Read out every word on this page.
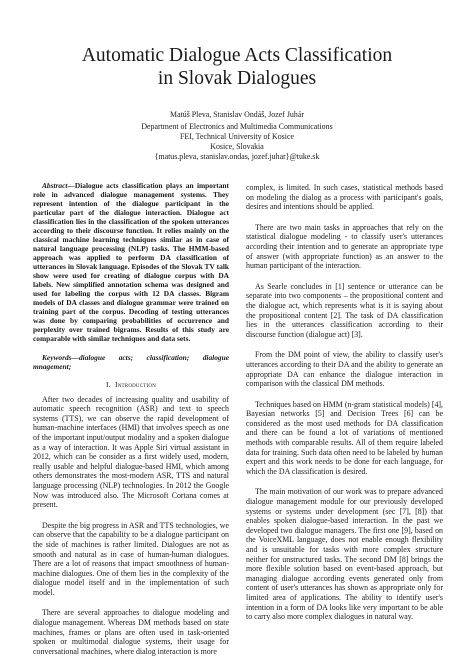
Automatic Dialogue Acts Classification
in Slovak Dialogues
Matúš Pleva, Stanislav Ondáš, Jozef Juhár
Department of Electronics and Multimedia Communications
FEI, Technical University of Kosice
Kosice, Slovakia
{matus.pleva, stanislav.ondas, jozef.juhar}@tuke.sk

Abstract—Dialogue acts classification plays an important role in advanced dialogue management systems. They represent intention of the dialogue participant in the particular part of the dialogue interaction. Dialogue act classification lies in the classification of the spoken utterances according to their discourse function. It relies mainly on the classical machine learning techniques similar as in case of natural language processing (NLP) tasks. The HMM-based approach was applied to perform DA classification of utterances in Slovak language. Episodes of the Slovak TV talk show were used for creating of dialogue corpus with DA labels. New simplified annotation schema was designed and used for labeling the corpus with 12 DA classes. Bigram models of DA classes and dialogue grammar were trained on training part of the corpus. Decoding of testing utterances was done by comparing probabilities of occurrence and perplexity over trained bigrams. Results of this study are comparable with similar techniques and data sets.

Keywords—dialogue acts; classification; dialogue mnagement;

I. Introduction

After two decades of increasing quality and usability of automatic speech recognition (ASR) and text to speech systems (TTS), we can observe the rapid development of human-machine interfaces (HMI) that involves speech as one of the important input/output modality and a spoken dialogue as a way of interaction. It was Apple Siri virtual assistant in 2012, which can be consider as a first widely used, modern, really usable and helpful dialogue-based HMI, which among others demonstrates the most-modern ASR, TTS and natural language processing (NLP) technologies. In 2012 the Google Now was introduced also. The Microsoft Cortana comes at present.

Despite the big progress in ASR and TTS technologies, we can observe that the capability to be a dialogue participant on the side of machines is rather limited. Dialogues are not as smooth and natural as in case of human-human dialogues. There are a lot of reasons that impact smoothness of human-machine dialogues. One of them lies in the complexity of the dialogue model itself and in the implementation of such model.

There are several approaches to dialogue modeling and dialogue management. Whereas DM methods based on state machines, frames or plans are often used in task-oriented spoken or multimodal dialogue systems, their usage for conversational machines, where dialog interaction is more

complex, is limited. In such cases, statistical methods based on modeling the dialog as a process with participant's goals, desires and intentions should be applied.

There are two main tasks in approaches that rely on the statistical dialogue modeling - to classify user's utterances according their intention and to generate an appropriate type of answer (with appropriate function) as an answer to the human participant of the interaction.

As Searle concludes in [1] sentence or utterance can be separate into two components – the propositional content and the dialogue act, which represents what is it is saying about the propositional content [2]. The task of DA classification lies in the utterances classification according to their discourse function (dialogue act) [3].

From the DM point of view, the ability to classify user's utterances according to their DA and the ability to generate an appropriate DA can enhance the dialogue interaction in comparison with the classical DM methods.

Techniques based on HMM (n-gram statistical models) [4], Bayesian networks [5] and Decision Trees [6] can be considered as the most used methods for DA classification and there can be found a lot of variations of mentioned methods with comparable results. All of them require labeled data for training. Such data often need to be labeled by human expert and this work needs to be done for each language, for which the DA classification is desired.

The main motivation of our work was to prepare advanced dialogue management module for our previously developed systems or systems under development (sec [7], [8]) that enables spoken dialogue-based interaction. In the past we developed two dialogue managers. The first one [9], based on the VoiceXML language, does not enable enough flexibility and is unsuitable for tasks with more complex structure neither for unstructured tasks. The second DM [8] brings the more flexible solution based on event-based approach, but managing dialogue according events generated only from content of user's utterances has shown as appropriate only for limited area of applications. The ability to identify user's intention in a form of DA looks like very important to be able to carry also more complex dialogues in natural way.
